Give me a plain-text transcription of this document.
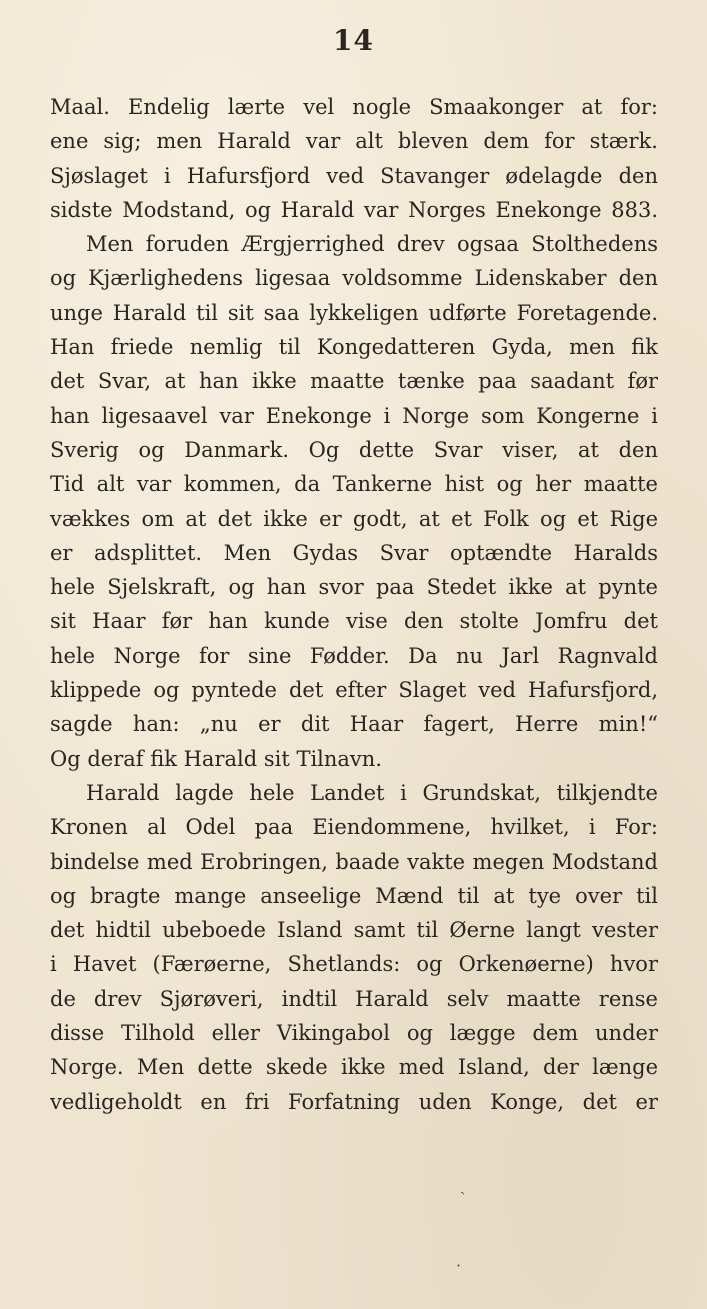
14
Maal. Endelig lærte vel nogle Smaakonger at for:
ene sig; men Harald var alt bleven dem for stærk.
Sjøslaget i Hafursfjord ved Stavanger ødelagde den
sidste Modstand, og Harald var Norges Enekonge 883.
Men foruden Ærgjerrighed drev ogsaa Stolthedens
og Kjærlighedens ligesaa voldsomme Lidenskaber den
unge Harald til sit saa lykkeligen udførte Foretagende.
Han friede nemlig til Kongedatteren Gyda, men fik
det Svar, at han ikke maatte tænke paa saadant før
han ligesaavel var Enekonge i Norge som Kongerne i
Sverig og Danmark. Og dette Svar viser, at den
Tid alt var kommen, da Tankerne hist og her maatte
vækkes om at det ikke er godt, at et Folk og et Rige
er adsplittet. Men Gydas Svar optændte Haralds
hele Sjelskraft, og han svor paa Stedet ikke at pynte
sit Haar før han kunde vise den stolte Jomfru det
hele Norge for sine Fødder. Da nu Jarl Ragnvald
klippede og pyntede det efter Slaget ved Hafursfjord,
sagde han: „nu er dit Haar fagert, Herre min!“
Og deraf fik Harald sit Tilnavn.
Harald lagde hele Landet i Grundskat, tilkjendte
Kronen al Odel paa Eiendommene, hvilket, i For:
bindelse med Erobringen, baade vakte megen Modstand
og bragte mange anseelige Mænd til at tye over til
det hidtil ubeboede Island samt til Øerne langt vester
i Havet (Færøerne, Shetlands: og Orkenøerne) hvor
de drev Sjørøveri, indtil Harald selv maatte rense
disse Tilhold eller Vikingabol og lægge dem under
Norge. Men dette skede ikke med Island, der længe
vedligeholdt en fri Forfatning uden Konge, det er
ˎ
·
